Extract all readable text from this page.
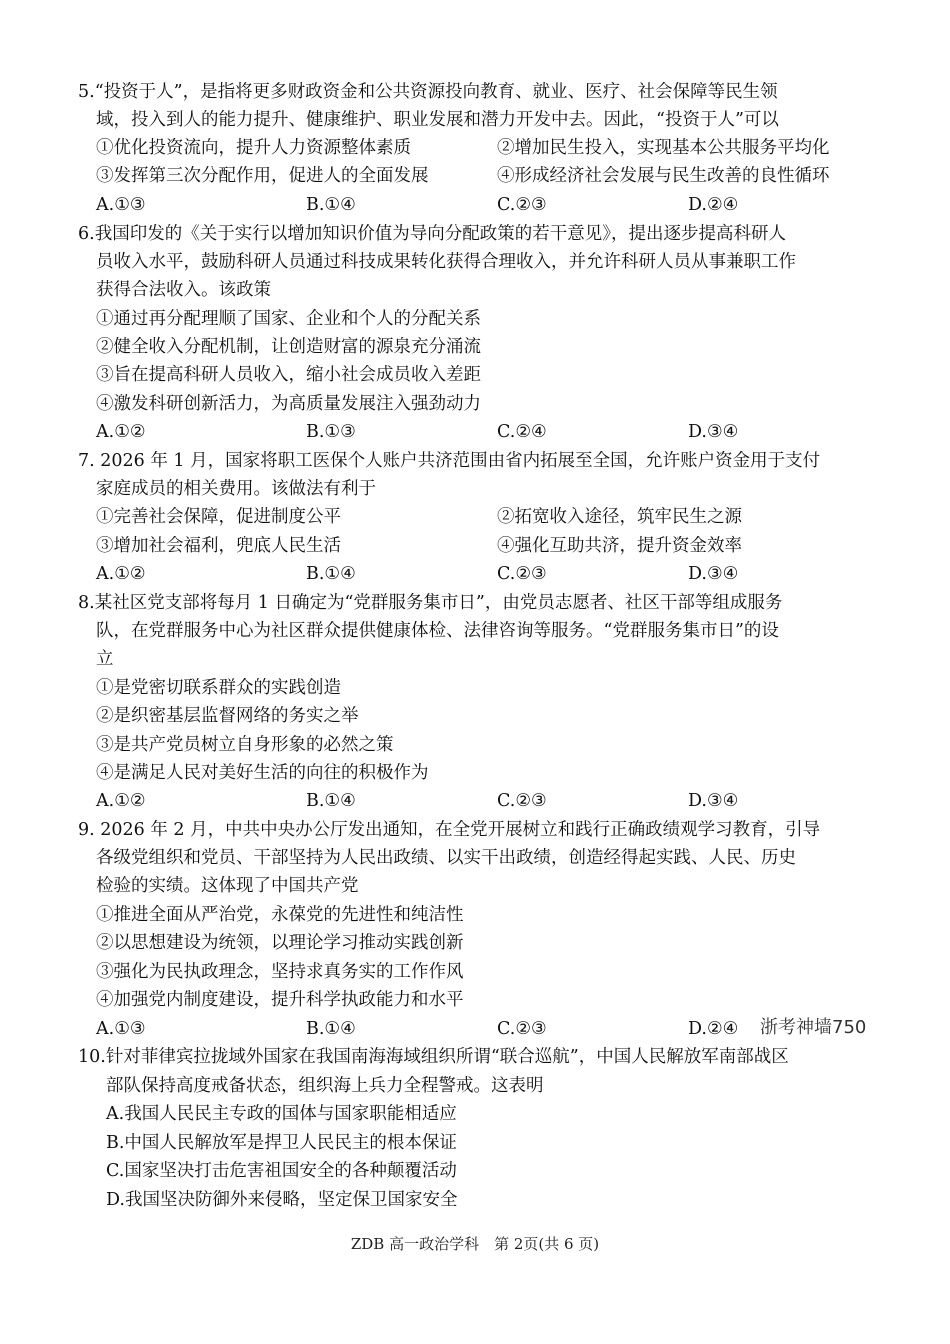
5.“投资于人”，是指将更多财政资金和公共资源投向教育、就业、医疗、社会保障等民生领
域，投入到人的能力提升、健康维护、职业发展和潜力开发中去。因此，“投资于人”可以
①优化投资流向，提升人力资源整体素质	②增加民生投入，实现基本公共服务平均化
③发挥第三次分配作用，促进人的全面发展	④形成经济社会发展与民生改善的良性循环
A.①③	B.①④	C.②③	D.②④
6.我国印发的《关于实行以增加知识价值为导向分配政策的若干意见》，提出逐步提高科研人
员收入水平，鼓励科研人员通过科技成果转化获得合理收入，并允许科研人员从事兼职工作
获得合法收入。该政策
①通过再分配理顺了国家、企业和个人的分配关系
②健全收入分配机制，让创造财富的源泉充分涌流
③旨在提高科研人员收入，缩小社会成员收入差距
④激发科研创新活力，为高质量发展注入强劲动力
A.①②	B.①③	C.②④	D.③④
7. 2026 年 1 月，国家将职工医保个人账户共济范围由省内拓展至全国，允许账户资金用于支付
家庭成员的相关费用。该做法有利于
①完善社会保障，促进制度公平	②拓宽收入途径，筑牢民生之源
③增加社会福利，兜底人民生活	④强化互助共济，提升资金效率
A.①②	B.①④	C.②③	D.③④
8.某社区党支部将每月 1 日确定为“党群服务集市日”，由党员志愿者、社区干部等组成服务
队，在党群服务中心为社区群众提供健康体检、法律咨询等服务。“党群服务集市日”的设
立
①是党密切联系群众的实践创造
②是织密基层监督网络的务实之举
③是共产党员树立自身形象的必然之策
④是满足人民对美好生活的向往的积极作为
A.①②	B.①④	C.②③	D.③④
9. 2026 年 2 月，中共中央办公厅发出通知，在全党开展树立和践行正确政绩观学习教育，引导
各级党组织和党员、干部坚持为人民出政绩、以实干出政绩，创造经得起实践、人民、历史
检验的实绩。这体现了中国共产党
①推进全面从严治党，永葆党的先进性和纯洁性
②以思想建设为统领，以理论学习推动实践创新
③强化为民执政理念，坚持求真务实的工作作风
④加强党内制度建设，提升科学执政能力和水平
A.①③	B.①④	C.②③	D.②④ 浙考神墙750
10.针对菲律宾拉拢域外国家在我国南海海域组织所谓“联合巡航”，中国人民解放军南部战区
部队保持高度戒备状态，组织海上兵力全程警戒。这表明
A.我国人民民主专政的国体与国家职能相适应
B.中国人民解放军是捍卫人民民主的根本保证
C.国家坚决打击危害祖国安全的各种颠覆活动
D.我国坚决防御外来侵略，坚定保卫国家安全
ZDB 高一政治学科　第 2页(共 6 页)
